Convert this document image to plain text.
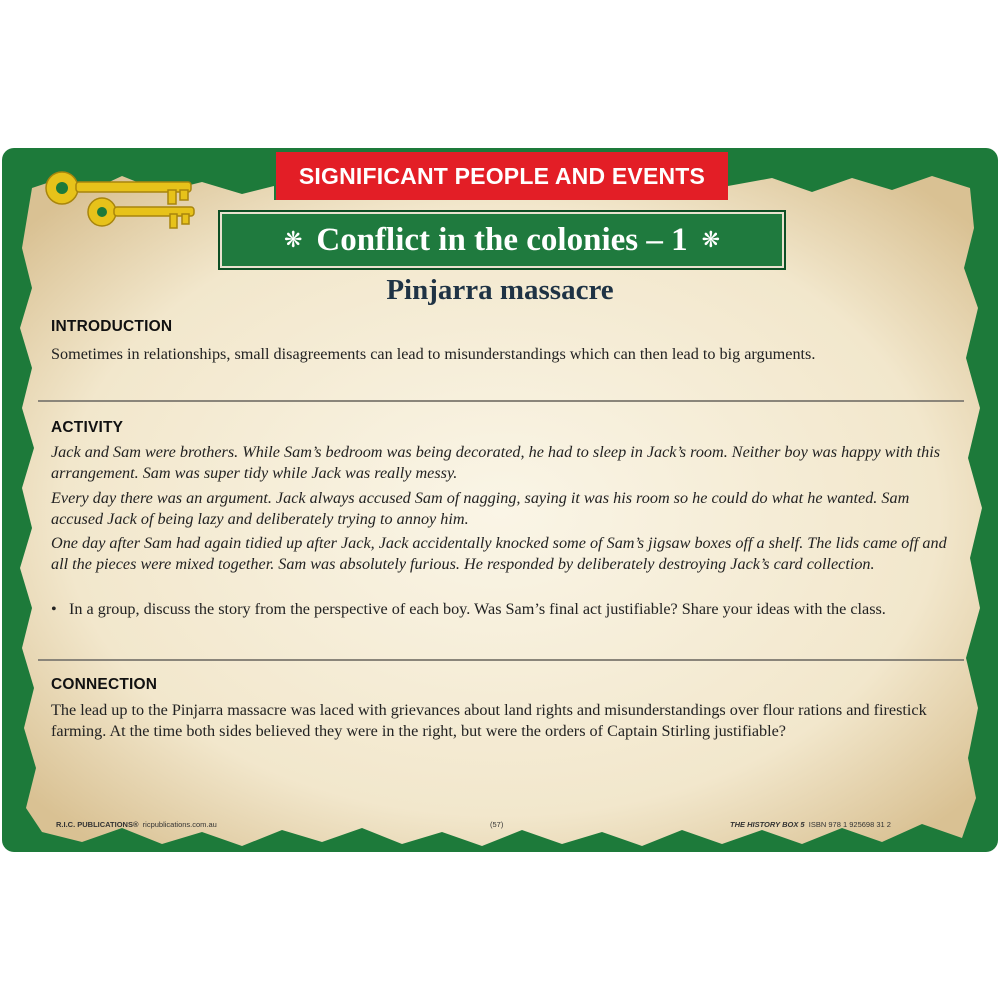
SIGNIFICANT PEOPLE AND EVENTS
❋ Conflict in the colonies – 1 ❋
Pinjarra massacre
INTRODUCTION
Sometimes in relationships, small disagreements can lead to misunderstandings which can then lead to big arguments.
ACTIVITY
Jack and Sam were brothers. While Sam’s bedroom was being decorated, he had to sleep in Jack’s room. Neither boy was happy with this arrangement. Sam was super tidy while Jack was really messy.
Every day there was an argument. Jack always accused Sam of nagging, saying it was his room so he could do what he wanted. Sam accused Jack of being lazy and deliberately trying to annoy him.
One day after Sam had again tidied up after Jack, Jack accidentally knocked some of Sam’s jigsaw boxes off a shelf. The lids came off and all the pieces were mixed together. Sam was absolutely furious. He responded by deliberately destroying Jack’s card collection.
• In a group, discuss the story from the perspective of each boy. Was Sam’s final act justifiable? Share your ideas with the class.
CONNECTION
The lead up to the Pinjarra massacre was laced with grievances about land rights and misunderstandings over flour rations and firestick farming. At the time both sides believed they were in the right, but were the orders of Captain Stirling justifiable?
R.I.C. PUBLICATIONS® ricpublications.com.au	(57)	THE HISTORY BOX 5 ISBN 978 1 925698 31 2
